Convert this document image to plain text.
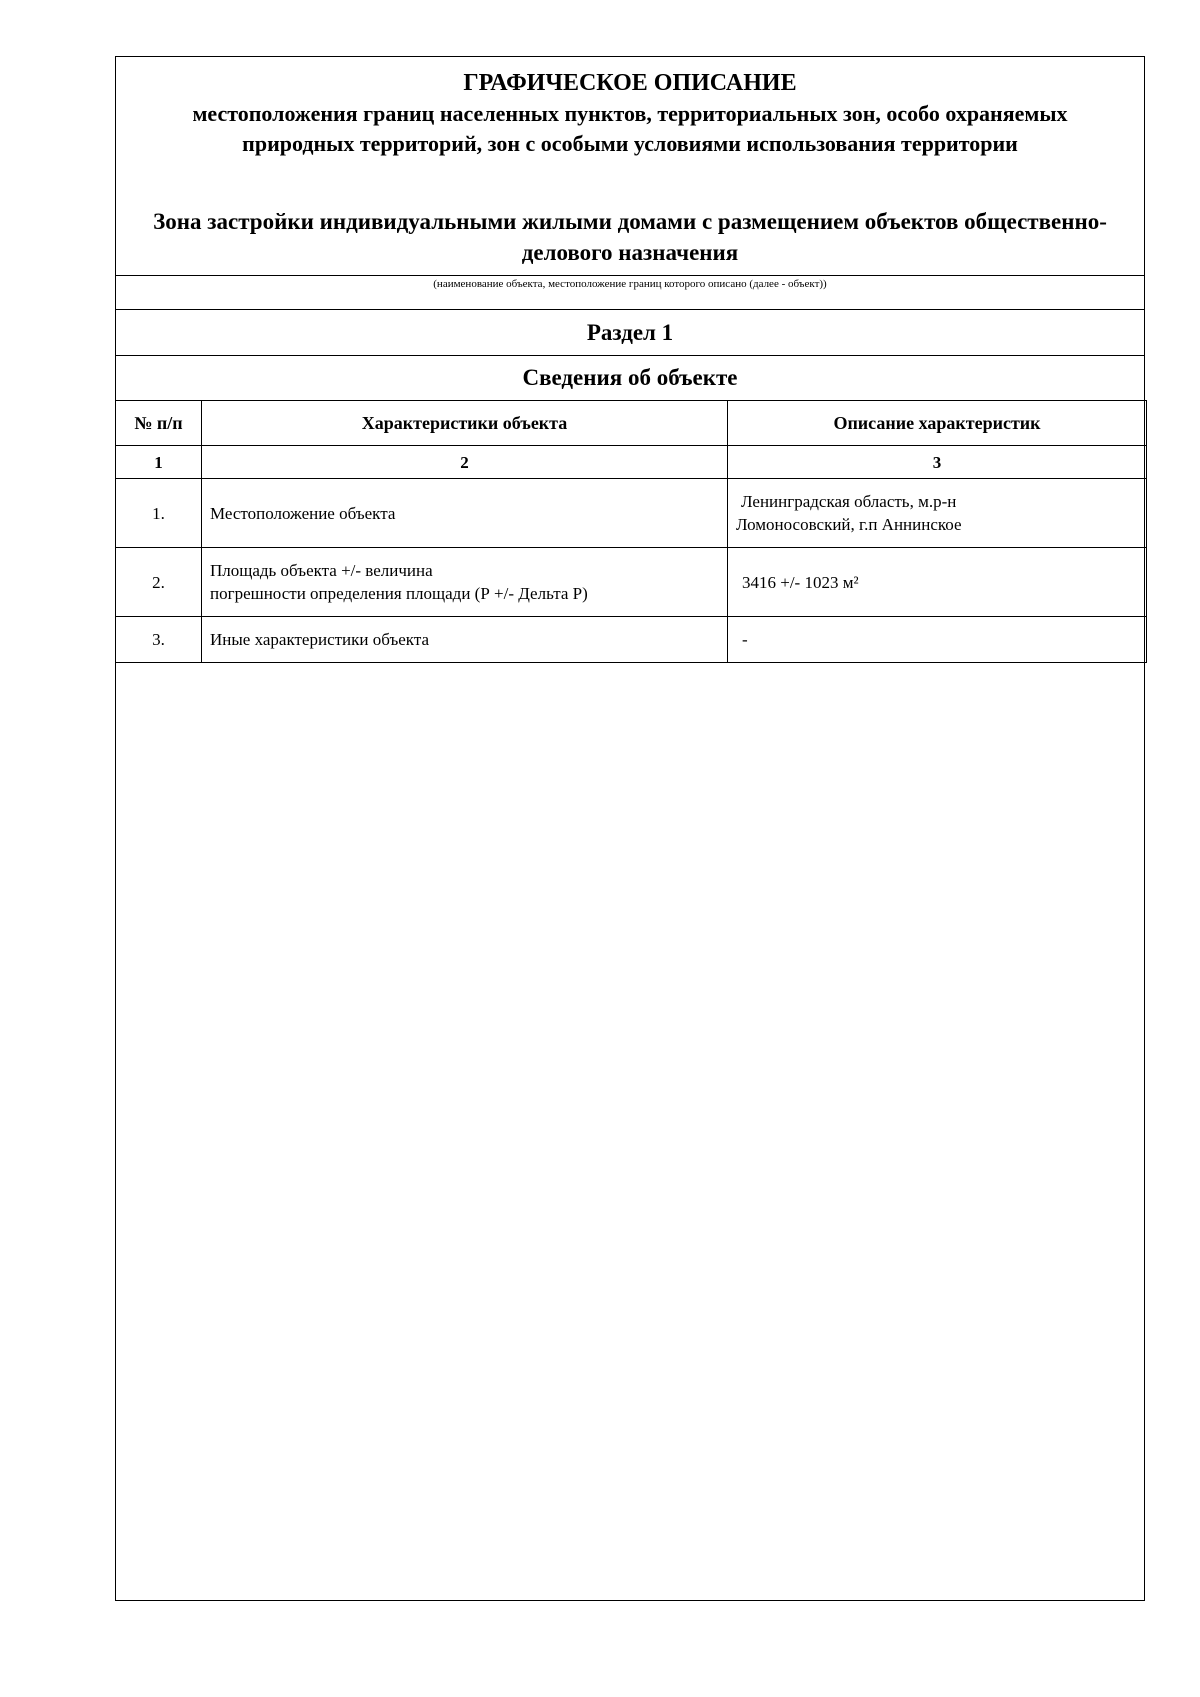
ГРАФИЧЕСКОЕ ОПИСАНИЕ
местоположения границ населенных пунктов, территориальных зон, особо охраняемых природных территорий, зон с особыми условиями использования территории
Зона застройки индивидуальными жилыми домами с размещением объектов общественно-делового назначения
(наименование объекта, местоположение границ которого описано (далее - объект))
Раздел 1
Сведения об объекте
№ п/п	Характеристики объекта	Описание характеристик
1	2	3
1.	Местоположение объекта	Ленинградская область, м.р-н
Ломоносовский, г.п Аннинское

2.	Площадь объекта +/- величина
погрешности определения площади (Р +/- Дельта Р)	3416 +/- 1023 м²

3.	Иные характеристики объекта	-
